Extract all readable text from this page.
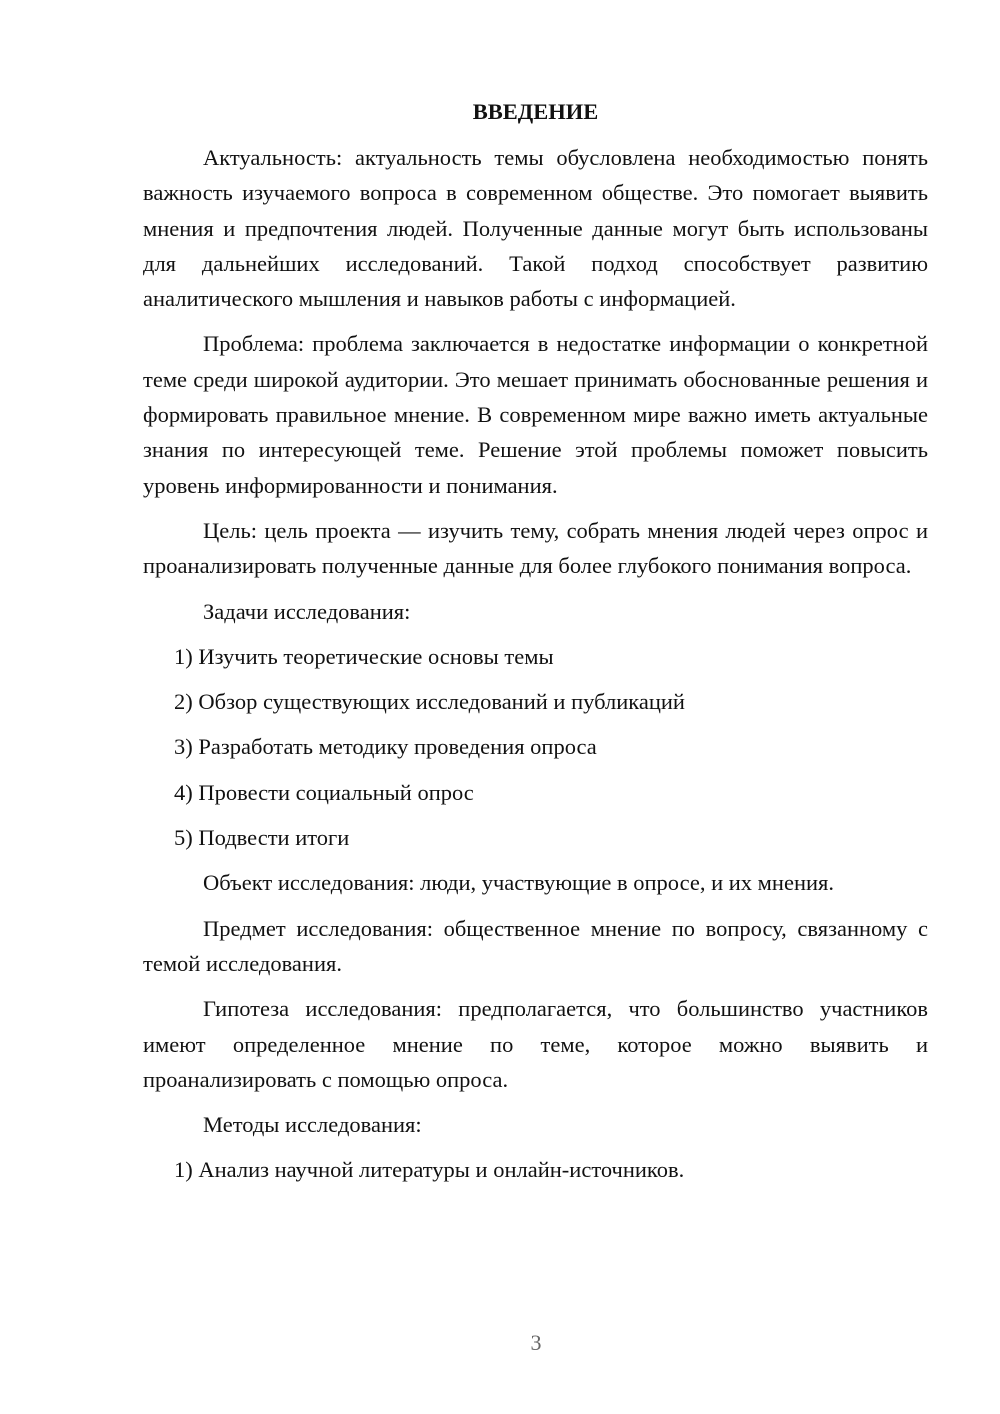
ВВЕДЕНИЕ

Актуальность: актуальность темы обусловлена необходимостью понять важность изучаемого вопроса в современном обществе. Это помогает выявить мнения и предпочтения людей. Полученные данные могут быть использованы для дальнейших исследований. Такой подход способствует развитию аналитического мышления и навыков работы с информацией.

Проблема: проблема заключается в недостатке информации о конкретной теме среди широкой аудитории. Это мешает принимать обоснованные решения и формировать правильное мнение. В современном мире важно иметь актуальные знания по интересующей теме. Решение этой проблемы поможет повысить уровень информированности и понимания.

Цель: цель проекта — изучить тему, собрать мнения людей через опрос и проанализировать полученные данные для более глубокого понимания вопроса.

Задачи исследования:
1) Изучить теоретические основы темы
2) Обзор существующих исследований и публикаций
3) Разработать методику проведения опроса
4) Провести социальный опрос
5) Подвести итоги

Объект исследования: люди, участвующие в опросе, и их мнения.

Предмет исследования: общественное мнение по вопросу, связанному с темой исследования.

Гипотеза исследования: предполагается, что большинство участников имеют определенное мнение по теме, которое можно выявить и проанализировать с помощью опроса.

Методы исследования:
1) Анализ научной литературы и онлайн-источников.
3
